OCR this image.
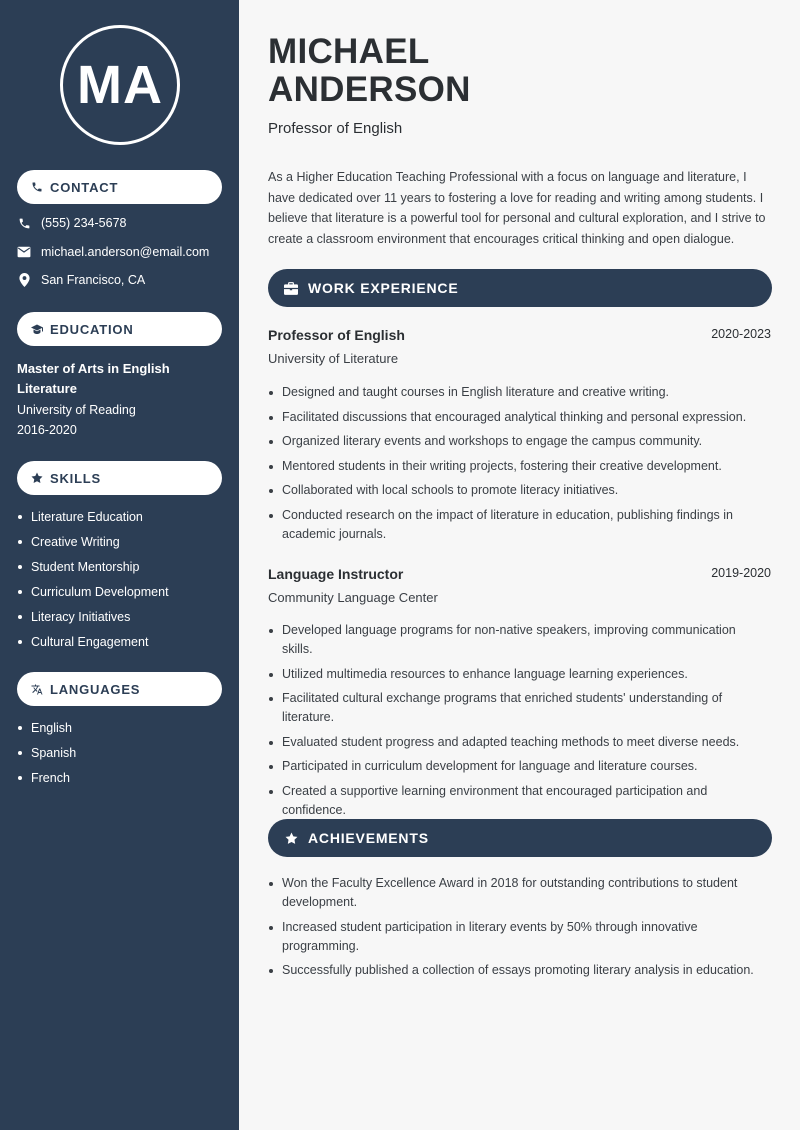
MA
CONTACT
(555) 234-5678
michael.anderson@email.com
San Francisco, CA
EDUCATION
Master of Arts in English Literature
University of Reading
2016-2020
SKILLS
Literature Education
Creative Writing
Student Mentorship
Curriculum Development
Literacy Initiatives
Cultural Engagement
LANGUAGES
English
Spanish
French
MICHAEL
ANDERSON
Professor of English
As a Higher Education Teaching Professional with a focus on language and literature, I have dedicated over 11 years to fostering a love for reading and writing among students. I believe that literature is a powerful tool for personal and cultural exploration, and I strive to create a classroom environment that encourages critical thinking and open dialogue.
WORK EXPERIENCE
Professor of English	2020-2023
University of Literature
Designed and taught courses in English literature and creative writing.
Facilitated discussions that encouraged analytical thinking and personal expression.
Organized literary events and workshops to engage the campus community.
Mentored students in their writing projects, fostering their creative development.
Collaborated with local schools to promote literacy initiatives.
Conducted research on the impact of literature in education, publishing findings in academic journals.
Language Instructor	2019-2020
Community Language Center
Developed language programs for non-native speakers, improving communication skills.
Utilized multimedia resources to enhance language learning experiences.
Facilitated cultural exchange programs that enriched students' understanding of literature.
Evaluated student progress and adapted teaching methods to meet diverse needs.
Participated in curriculum development for language and literature courses.
Created a supportive learning environment that encouraged participation and confidence.
ACHIEVEMENTS
Won the Faculty Excellence Award in 2018 for outstanding contributions to student development.
Increased student participation in literary events by 50% through innovative programming.
Successfully published a collection of essays promoting literary analysis in education.
